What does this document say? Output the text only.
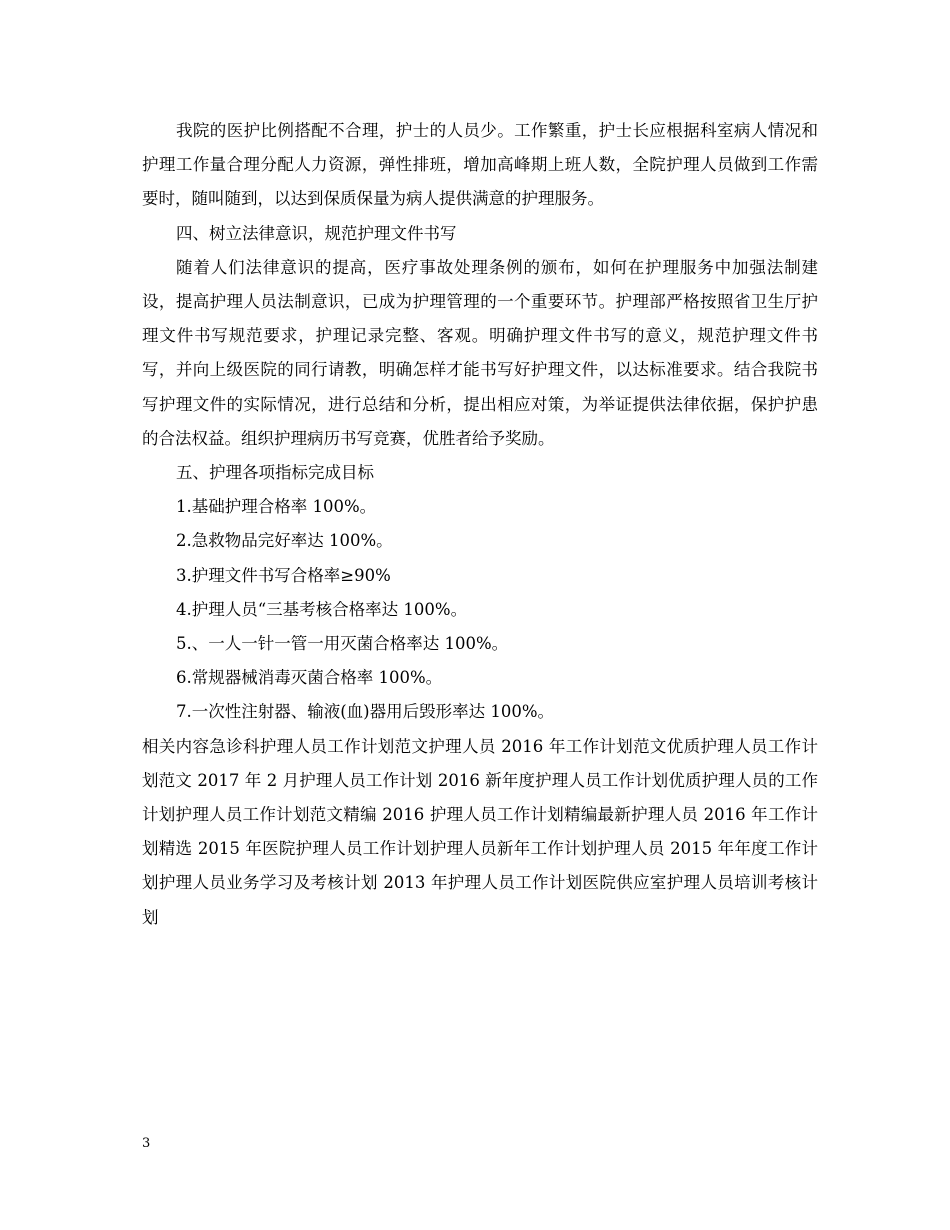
我院的医护比例搭配不合理，护士的人员少。工作繁重，护士长应根据科室病人情况和护理工作量合理分配人力资源，弹性排班，增加高峰期上班人数，全院护理人员做到工作需要时，随叫随到，以达到保质保量为病人提供满意的护理服务。

四、树立法律意识，规范护理文件书写

随着人们法律意识的提高，医疗事故处理条例的颁布，如何在护理服务中加强法制建设，提高护理人员法制意识，已成为护理管理的一个重要环节。护理部严格按照省卫生厅护理文件书写规范要求，护理记录完整、客观。明确护理文件书写的意义，规范护理文件书写，并向上级医院的同行请教，明确怎样才能书写好护理文件，以达标准要求。结合我院书写护理文件的实际情况，进行总结和分析，提出相应对策，为举证提供法律依据，保护护患的合法权益。组织护理病历书写竞赛，优胜者给予奖励。

五、护理各项指标完成目标

1.基础护理合格率 100%。

2.急救物品完好率达 100%。

3.护理文件书写合格率≥90%

4.护理人员“三基考核合格率达 100%。

5.、一人一针一管一用灭菌合格率达 100%。

6.常规器械消毒灭菌合格率 100%。

7.一次性注射器、输液(血)器用后毁形率达 100%。

相关内容急诊科护理人员工作计划范文护理人员 2016 年工作计划范文优质护理人员工作计划范文 2017 年 2 月护理人员工作计划 2016 新年度护理人员工作计划优质护理人员的工作计划护理人员工作计划范文精编 2016 护理人员工作计划精编最新护理人员 2016 年工作计划精选 2015 年医院护理人员工作计划护理人员新年工作计划护理人员 2015 年年度工作计划护理人员业务学习及考核计划 2013 年护理人员工作计划医院供应室护理人员培训考核计划

3
